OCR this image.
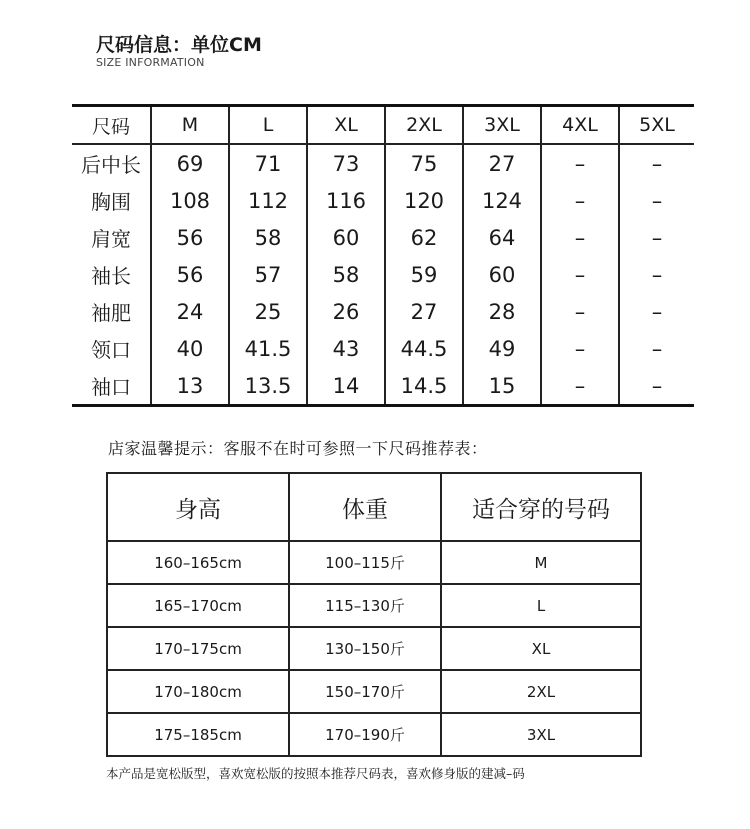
尺码信息：单位CM
SIZE INFORMATION
尺码	M	L	XL	2XL	3XL	4XL	5XL
后中长	69	71	73	75	27	–	–
胸围	108	112	116	120	124	–	–
肩宽	56	58	60	62	64	–	–
袖长	56	57	58	59	60	–	–
袖肥	24	25	26	27	28	–	–
领口	40	41.5	43	44.5	49	–	–
袖口	13	13.5	14	14.5	15	–	–
店家温馨提示：客服不在时可参照一下尺码推荐表：
身高	体重	适合穿的号码
160–165cm	100–115斤	M
165–170cm	115–130斤	L
170–175cm	130–150斤	XL
170–180cm	150–170斤	2XL
175–185cm	170–190斤	3XL
本产品是宽松版型，喜欢宽松版的按照本推荐尺码表，喜欢修身版的建减–码
